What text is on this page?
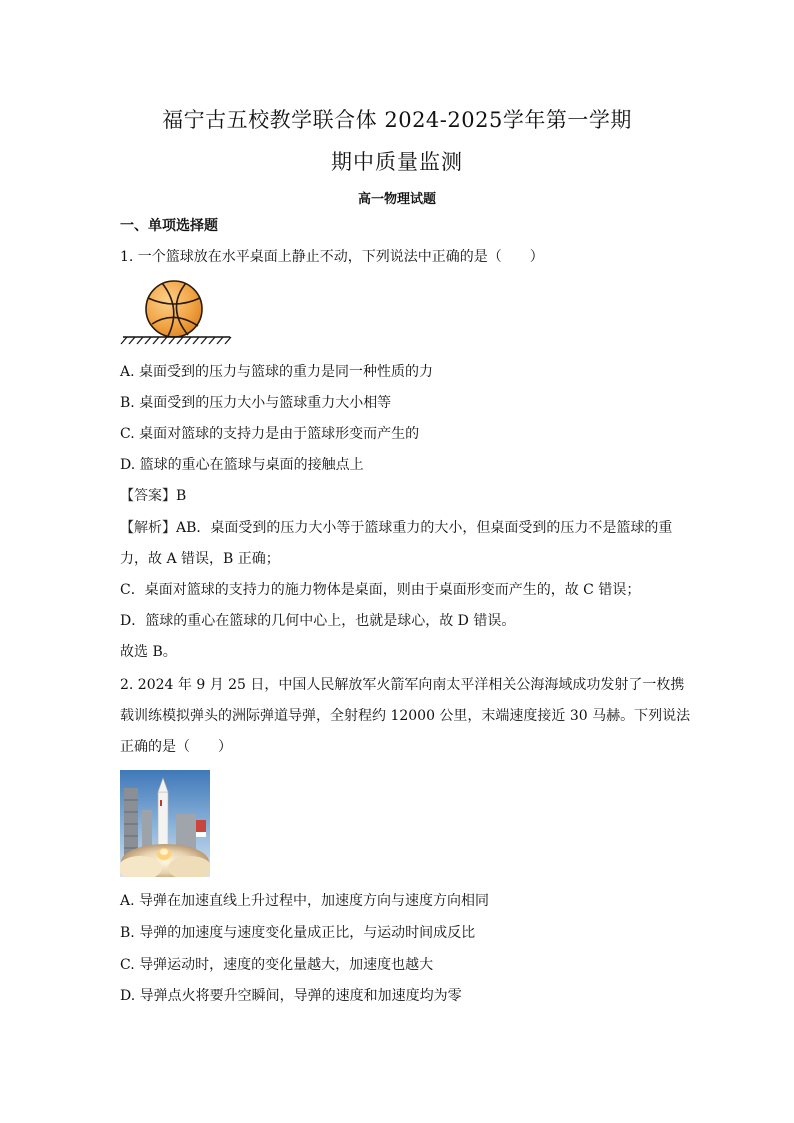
福宁古五校教学联合体 2024-2025学年第一学期
期中质量监测
高一物理试题
一、单项选择题
1. 一个篮球放在水平桌面上静止不动，下列说法中正确的是（　　）
A. 桌面受到的压力与篮球的重力是同一种性质的力
B. 桌面受到的压力大小与篮球重力大小相等
C. 桌面对篮球的支持力是由于篮球形变而产生的
D. 篮球的重心在篮球与桌面的接触点上
【答案】B
【解析】AB．桌面受到的压力大小等于篮球重力的大小，但桌面受到的压力不是篮球的重
力，故 A 错误，B 正确；
C．桌面对篮球的支持力的施力物体是桌面，则由于桌面形变而产生的，故 C 错误；
D．篮球的重心在篮球的几何中心上，也就是球心，故 D 错误。
故选 B。
2. 2024 年 9 月 25 日，中国人民解放军火箭军向南太平洋相关公海海域成功发射了一枚携
载训练模拟弹头的洲际弹道导弹，全射程约 12000 公里，末端速度接近 30 马赫。下列说法
正确的是（　　）
A. 导弹在加速直线上升过程中，加速度方向与速度方向相同
B. 导弹的加速度与速度变化量成正比，与运动时间成反比
C. 导弹运动时，速度的变化量越大，加速度也越大
D. 导弹点火将要升空瞬间，导弹的速度和加速度均为零
